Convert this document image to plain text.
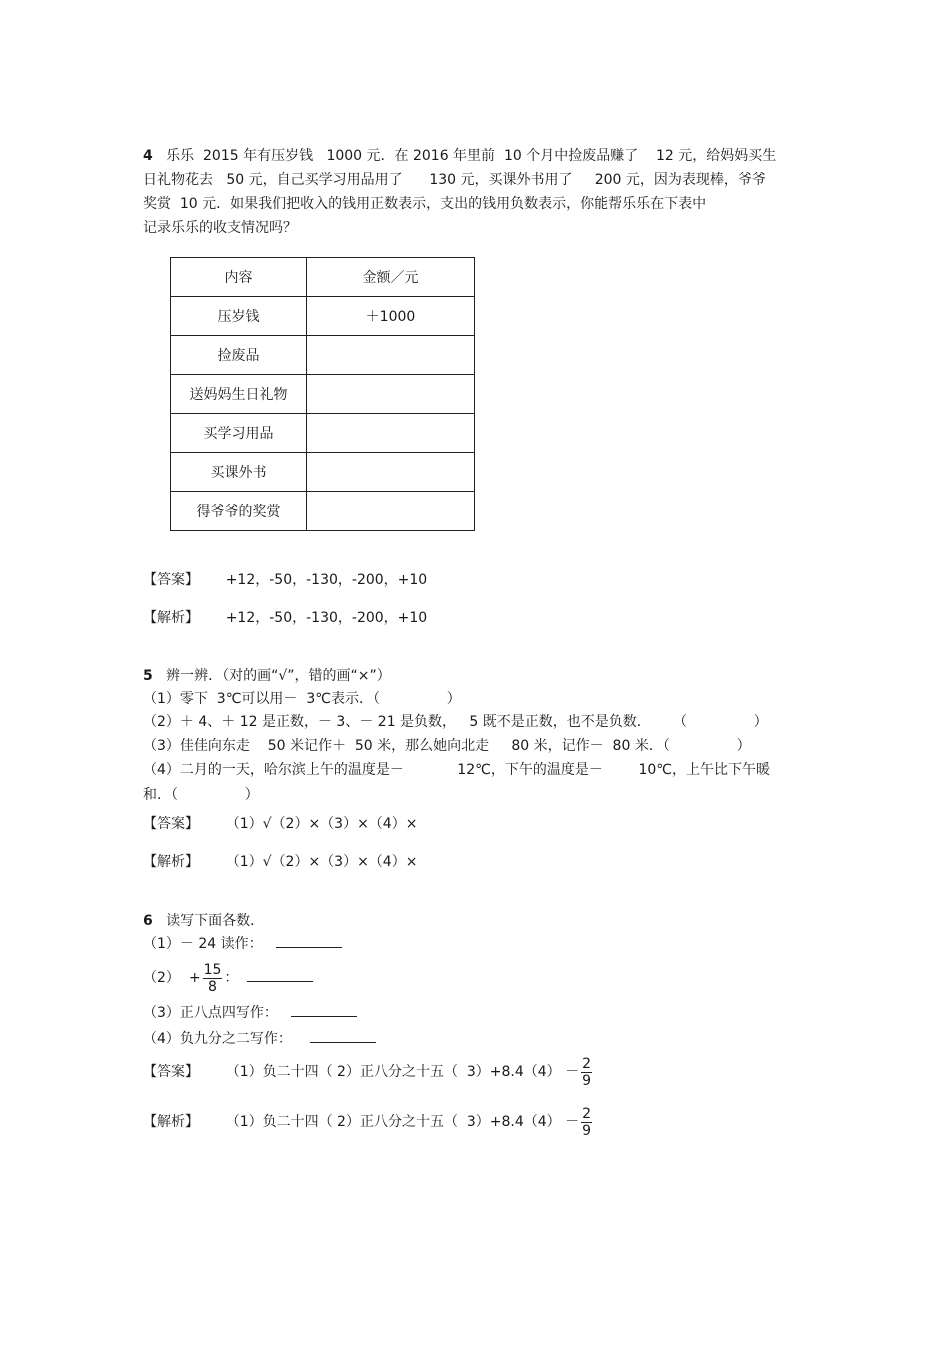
4 乐乐  2015 年有压岁钱   1000 元．在 2016 年里前  10 个月中捡废品赚了    12 元，给妈妈买生
日礼物花去   50 元，自己买学习用品用了      130 元，买课外书用了     200 元，因为表现棒，爷爷
奖赏  10 元．如果我们把收入的钱用正数表示，支出的钱用负数表示，你能帮乐乐在下表中
记录乐乐的收支情况吗？
内容	金额／元
压岁钱	＋1000
捡废品	
送妈妈生日礼物	
买学习用品	
买课外书	
得爷爷的奖赏	
【答案】 +12，-50，-130，-200，+10
【解析】 +12，-50，-130，-200，+10
5 辨一辨．（对的画“√”，错的画“×”）
（1）零下  3℃可以用－  3℃表示．（               ）
（2）＋ 4、＋ 12 是正数，－ 3、－ 21 是负数，   5 既不是正数，也不是负数．     （               ）
（3）佳佳向东走    50 米记作＋  50 米，那么她向北走     80 米，记作－  80 米．（               ）
（4）二月的一天，哈尔滨上午的温度是－            12℃，下午的温度是－        10℃，上午比下午暖
和．（               ）
【答案】 （1）√（2）×（3）×（4）×
【解析】 （1）√（2）×（3）×（4）×
6 读写下面各数．
（1）－ 24 读作：
$(2) + \frac{15}{8}$ ：
（3）正八点四写作：
（4）负九分之二写作：
【答案】 （1）负二十四（ 2）正八分之十五（  $3)+8.4(4) - \frac{2}{9}$
【解析】 （1）负二十四（ 2）正八分之十五（  $3)+8.4(4) - \frac{2}{9}$
